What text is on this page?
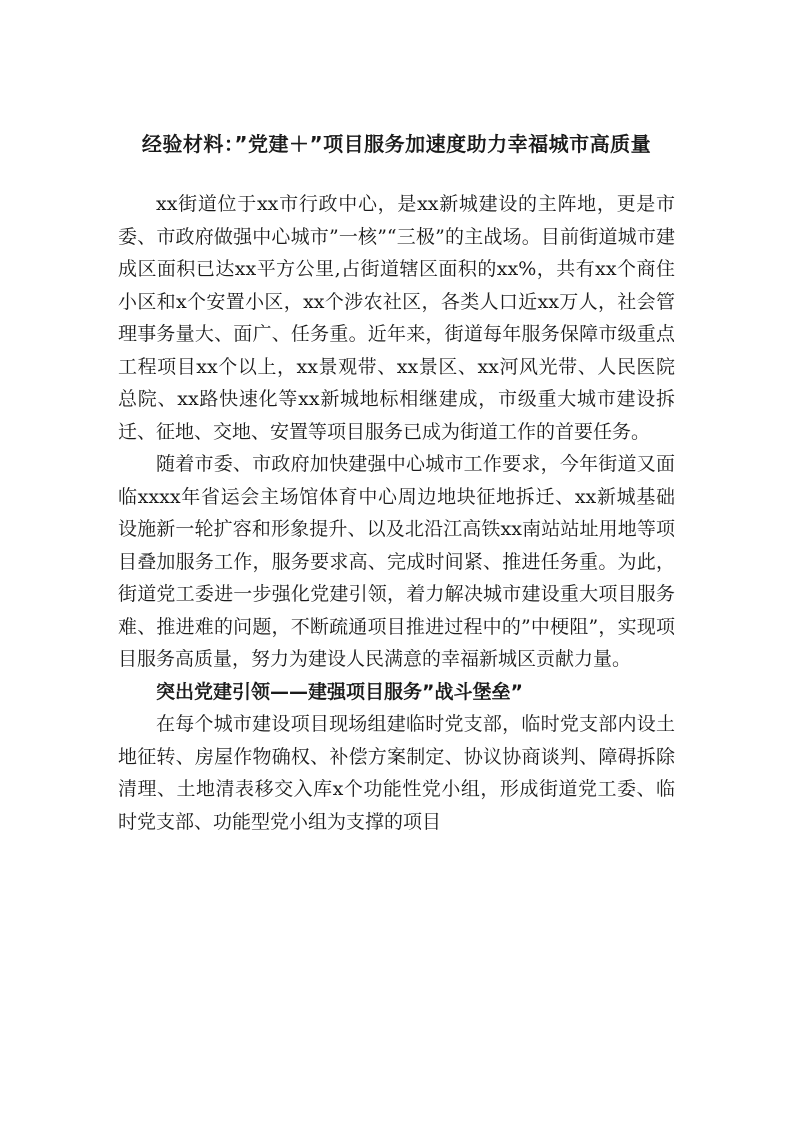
经验材料：”党建＋”项目服务加速度助力幸福城市高质量

xx街道位于xx市行政中心，是xx新城建设的主阵地，更是市委、市政府做强中心城市”一核”“三极”的主战场。目前街道城市建成区面积已达xx平方公里,占街道辖区面积的xx%，共有xx个商住小区和x个安置小区，xx个涉农社区，各类人口近xx万人，社会管理事务量大、面广、任务重。近年来，街道每年服务保障市级重点工程项目xx个以上，xx景观带、xx景区、xx河风光带、人民医院总院、xx路快速化等xx新城地标相继建成，市级重大城市建设拆迁、征地、交地、安置等项目服务已成为街道工作的首要任务。

随着市委、市政府加快建强中心城市工作要求，今年街道又面临xxxx年省运会主场馆体育中心周边地块征地拆迁、xx新城基础设施新一轮扩容和形象提升、以及北沿江高铁xx南站站址用地等项目叠加服务工作，服务要求高、完成时间紧、推进任务重。为此，街道党工委进一步强化党建引领，着力解决城市建设重大项目服务难、推进难的问题，不断疏通项目推进过程中的”中梗阻”，实现项目服务高质量，努力为建设人民满意的幸福新城区贡献力量。

突出党建引领——建强项目服务”战斗堡垒”

在每个城市建设项目现场组建临时党支部，临时党支部内设土地征转、房屋作物确权、补偿方案制定、协议协商谈判、障碍拆除清理、土地清表移交入库x个功能性党小组，形成街道党工委、临时党支部、功能型党小组为支撑的项目
